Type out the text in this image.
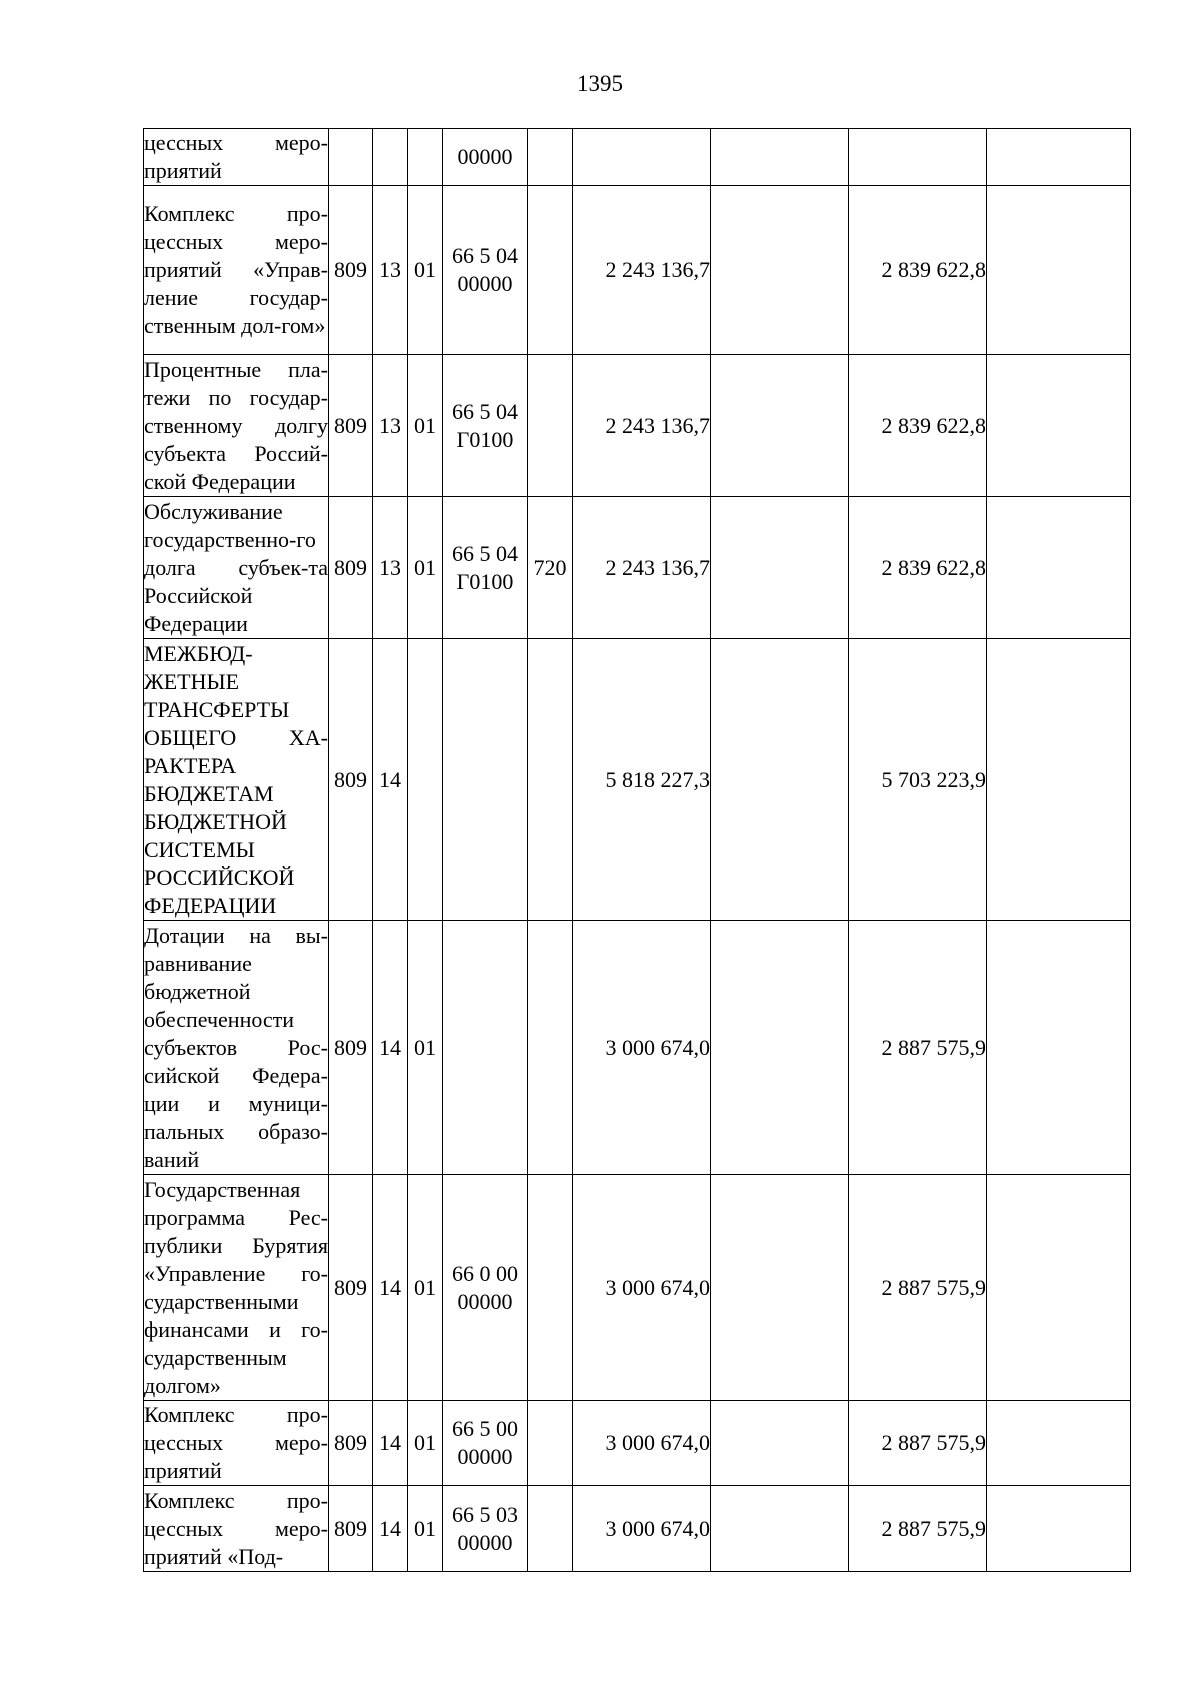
1395
цессных меро-приятий				00000					

Комплекс про-цессных меро-приятий «Управ-ление государ-ственным дол-гом»	809	13	01	66 5 04 00000		2 243 136,7		2 839 622,8	

Процентные пла-тежи по государ-ственному долгу субъекта Россий-ской Федерации	809	13	01	66 5 04 Г0100		2 243 136,7		2 839 622,8	

Обслуживание государственно-го долга субъек-та Российской Федерации	809	13	01	66 5 04 Г0100	720	2 243 136,7		2 839 622,8	

МЕЖБЮД-ЖЕТНЫЕ ТРАНСФЕРТЫ ОБЩЕГО ХА-РАКТЕРА БЮДЖЕТАМ БЮДЖЕТНОЙ СИСТЕМЫ РОССИЙСКОЙ ФЕДЕРАЦИИ	809	14				5 818 227,3		5 703 223,9	

Дотации на вы-равнивание бюджетной обеспеченности субъектов Рос-сийской Федера-ции и муници-пальных образо-ваний	809	14	01			3 000 674,0		2 887 575,9	

Государственная программа Рес-публики Бурятия «Управление го-сударственными финансами и го-сударственным долгом»	809	14	01	66 0 00 00000		3 000 674,0		2 887 575,9	

Комплекс про-цессных меро-приятий	809	14	01	66 5 00 00000		3 000 674,0		2 887 575,9	

Комплекс про-цессных меро-приятий «Под-	809	14	01	66 5 03 00000		3 000 674,0		2 887 575,9	
